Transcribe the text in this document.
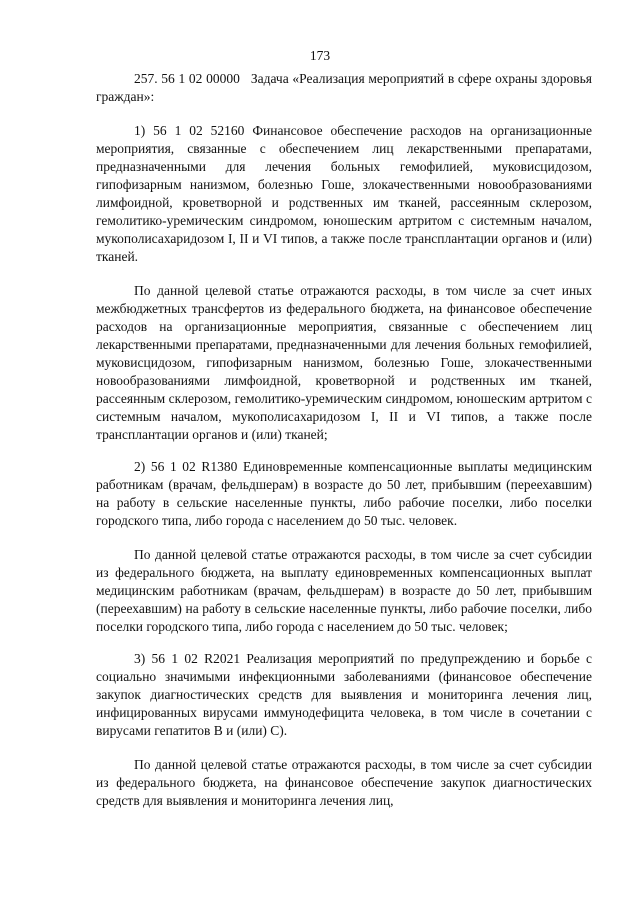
173

257. 56 1 02 00000 Задача «Реализация мероприятий в сфере охраны здоровья граждан»:

1) 56 1 02 52160 Финансовое обеспечение расходов на организационные мероприятия, связанные с обеспечением лиц лекарственными препаратами, предназначенными для лечения больных гемофилией, муковисцидозом, гипофизарным нанизмом, болезнью Гоше, злокачественными новообразованиями лимфоидной, кроветворной и родственных им тканей, рассеянным склерозом, гемолитико-уремическим синдромом, юношеским артритом с системным началом, мукополисахаридозом I, II и VI типов, а также после трансплантации органов и (или) тканей.

По данной целевой статье отражаются расходы, в том числе за счет иных межбюджетных трансфертов из федерального бюджета, на финансовое обеспечение расходов на организационные мероприятия, связанные с обеспечением лиц лекарственными препаратами, предназначенными для лечения больных гемофилией, муковисцидозом, гипофизарным нанизмом, болезнью Гоше, злокачественными новообразованиями лимфоидной, кроветворной и родственных им тканей, рассеянным склерозом, гемолитико-уремическим синдромом, юношеским артритом с системным началом, мукополисахаридозом I, II и VI типов, а также после трансплантации органов и (или) тканей;

2) 56 1 02 R1380 Единовременные компенсационные выплаты медицинским работникам (врачам, фельдшерам) в возрасте до 50 лет, прибывшим (переехавшим) на работу в сельские населенные пункты, либо рабочие поселки, либо поселки городского типа, либо города с населением до 50 тыс. человек.

По данной целевой статье отражаются расходы, в том числе за счет субсидии из федерального бюджета, на выплату единовременных компенсационных выплат медицинским работникам (врачам, фельдшерам) в возрасте до 50 лет, прибывшим (переехавшим) на работу в сельские населенные пункты, либо рабочие поселки, либо поселки городского типа, либо города с населением до 50 тыс. человек;

3) 56 1 02 R2021 Реализация мероприятий по предупреждению и борьбе с социально значимыми инфекционными заболеваниями (финансовое обеспечение закупок диагностических средств для выявления и мониторинга лечения лиц, инфицированных вирусами иммунодефицита человека, в том числе в сочетании с вирусами гепатитов B и (или) C).

По данной целевой статье отражаются расходы, в том числе за счет субсидии из федерального бюджета, на финансовое обеспечение закупок диагностических средств для выявления и мониторинга лечения лиц,
